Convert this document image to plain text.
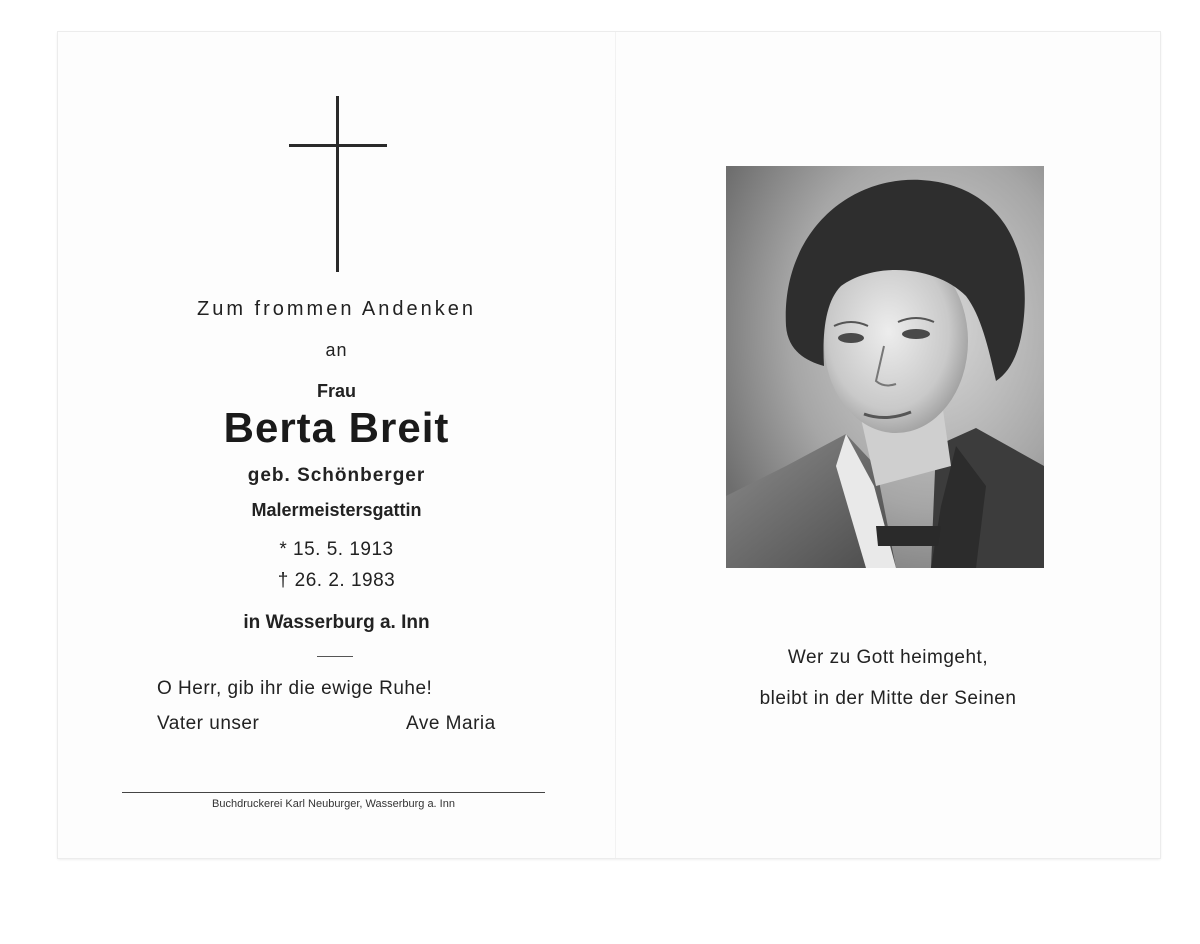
Zum frommen Andenken
an
Frau
Berta Breit
geb. Schönberger
Malermeistersgattin
* 15. 5. 1913
† 26. 2. 1983
in Wasserburg a. Inn
O Herr, gib ihr die ewige Ruhe!
Vater unser	Ave Maria
Buchdruckerei Karl Neuburger, Wasserburg a. Inn
Wer zu Gott heimgeht,
bleibt in der Mitte der Seinen
